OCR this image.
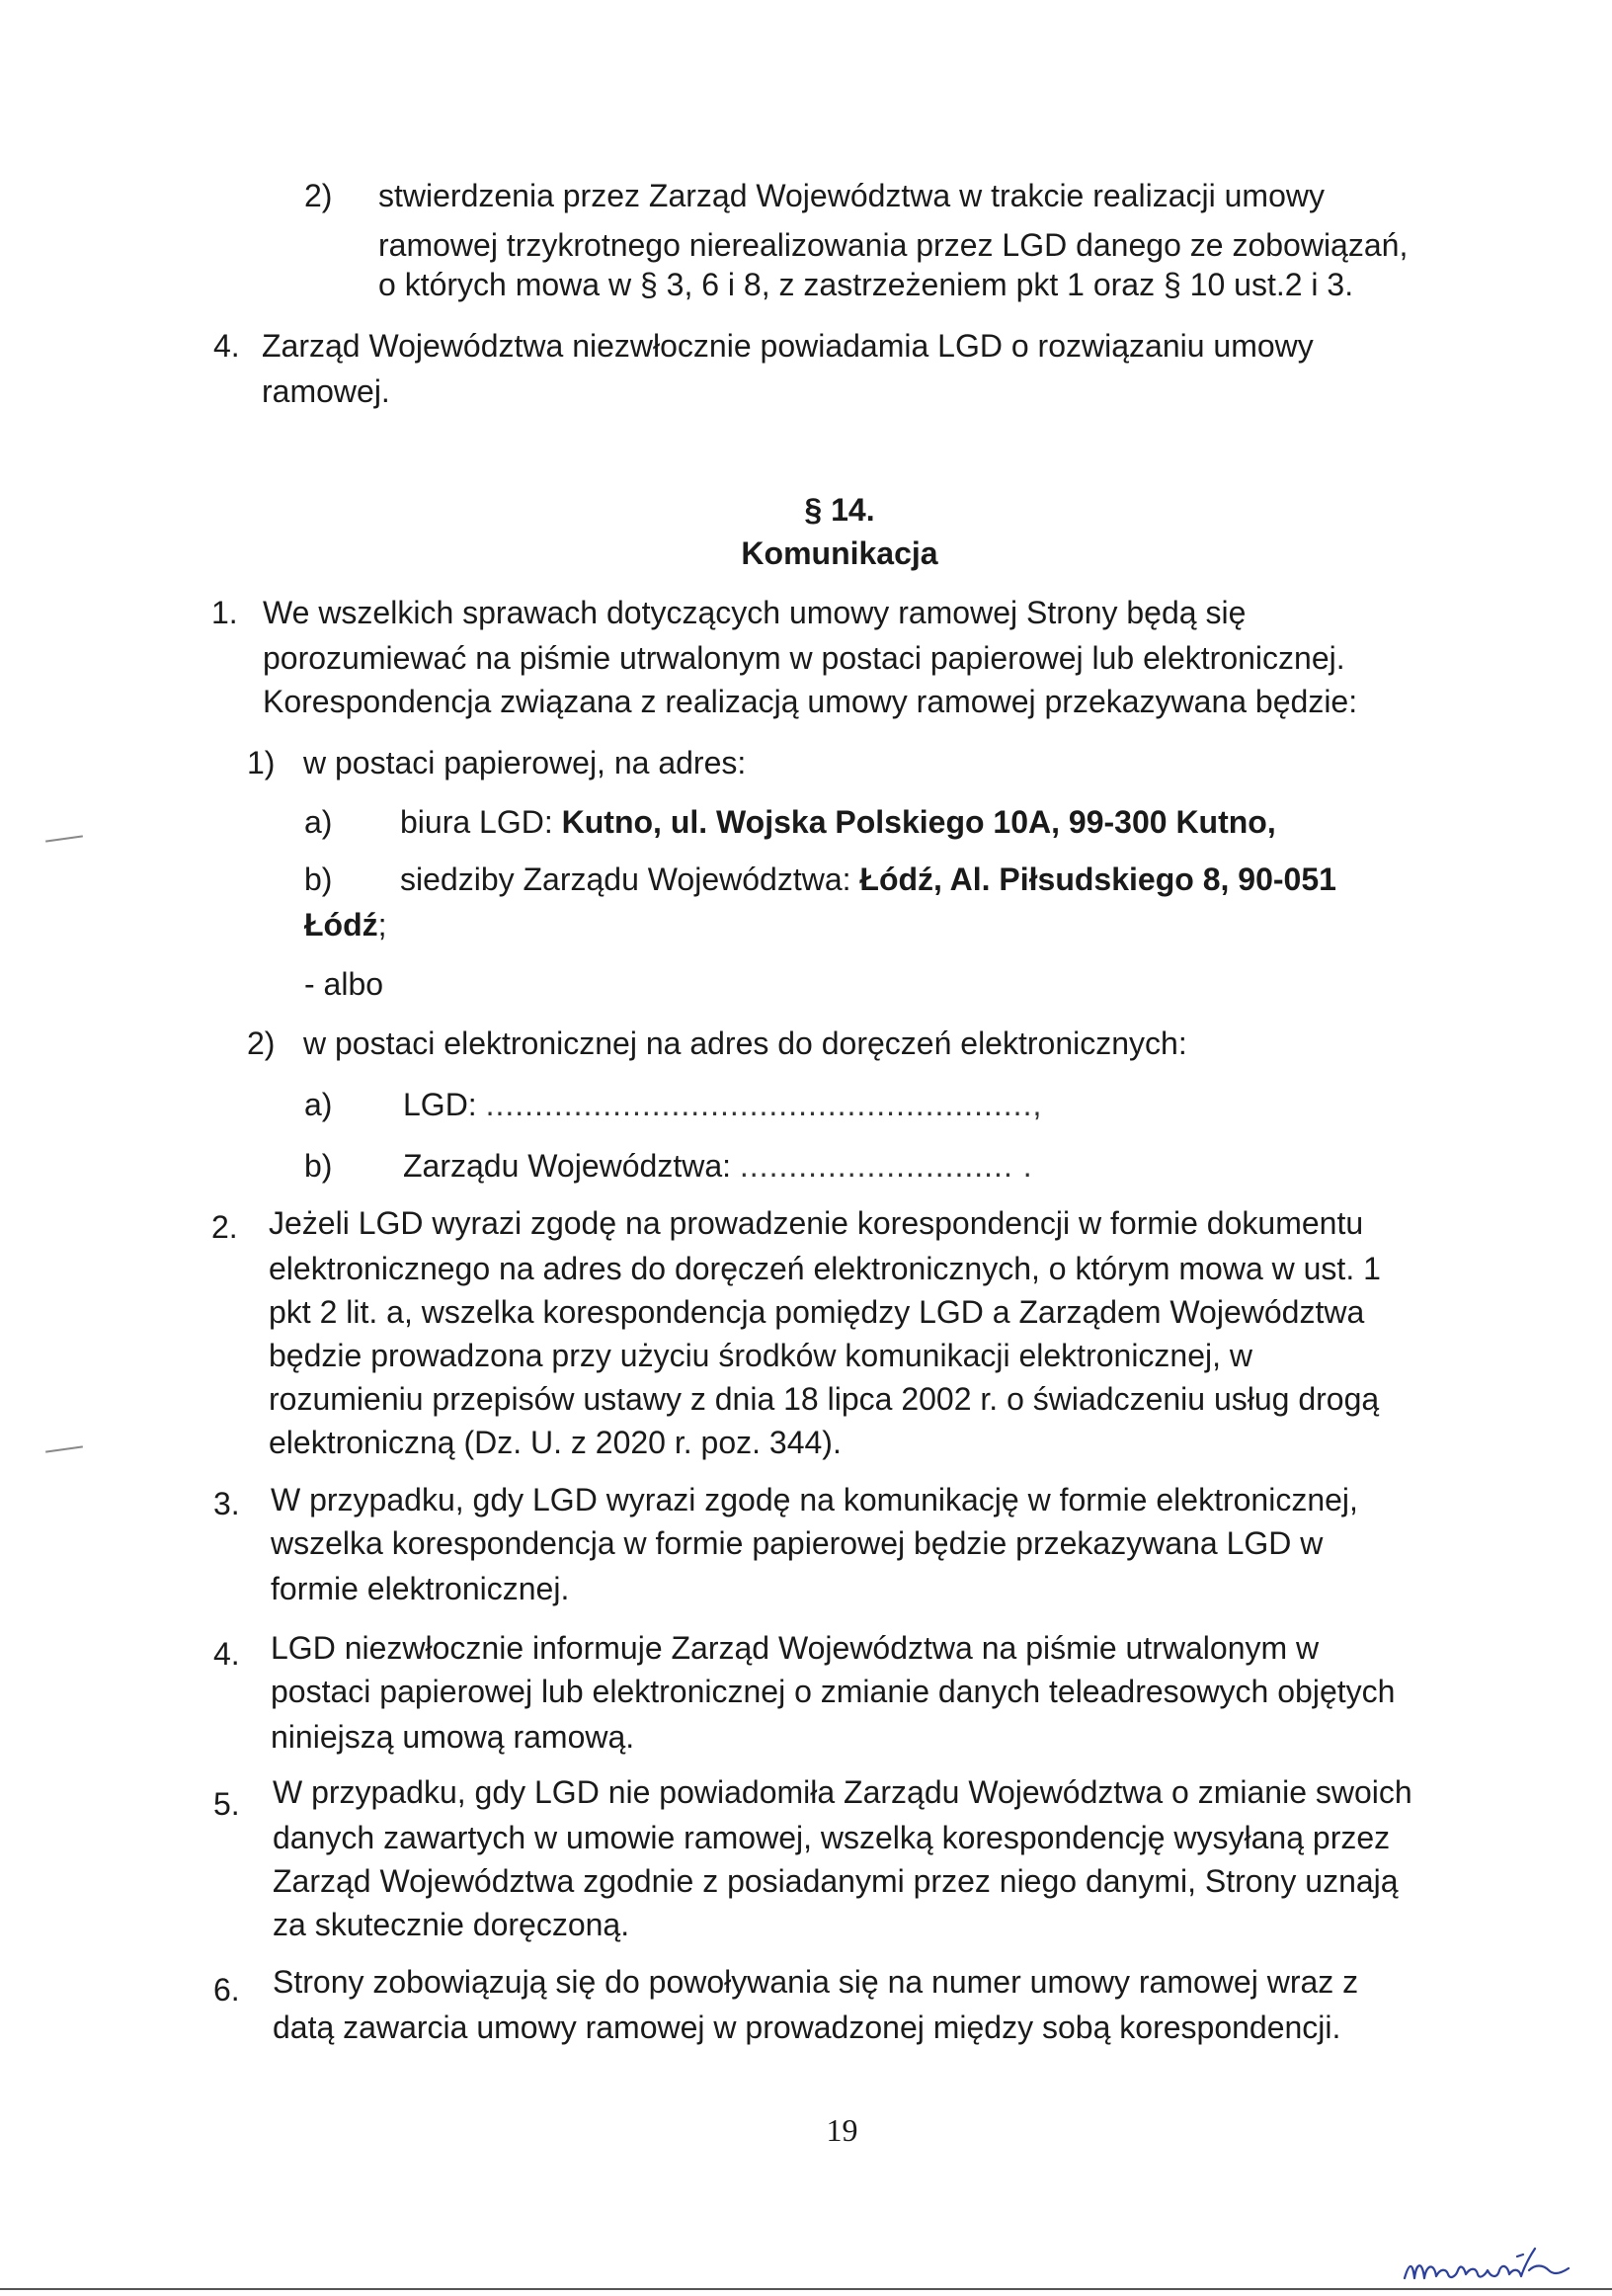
2) stwierdzenia przez Zarząd Województwa w trakcie realizacji umowy
ramowej trzykrotnego nierealizowania przez LGD danego ze zobowiązań,
o których mowa w § 3, 6 i 8, z zastrzeżeniem pkt 1 oraz § 10 ust.2 i 3.
4. Zarząd Województwa niezwłocznie powiadamia LGD o rozwiązaniu umowy
ramowej.
§ 14.
Komunikacja
1. We wszelkich sprawach dotyczących umowy ramowej Strony będą się
porozumiewać na piśmie utrwalonym w postaci papierowej lub elektronicznej.
Korespondencja związana z realizacją umowy ramowej przekazywana będzie:
1) w postaci papierowej, na adres:
a) biura LGD: Kutno, ul. Wojska Polskiego 10A, 99-300 Kutno,
b) siedziby Zarządu Województwa: Łódź, Al. Piłsudskiego 8, 90-051
Łódź;
- albo
2) w postaci elektronicznej na adres do doręczeń elektronicznych:
a) LGD: ........................................................,
b) Zarządu Województwa: ............................ .
2. Jeżeli LGD wyrazi zgodę na prowadzenie korespondencji w formie dokumentu
elektronicznego na adres do doręczeń elektronicznych, o którym mowa w ust. 1
pkt 2 lit. a, wszelka korespondencja pomiędzy LGD a Zarządem Województwa
będzie prowadzona przy użyciu środków komunikacji elektronicznej, w
rozumieniu przepisów ustawy z dnia 18 lipca 2002 r. o świadczeniu usług drogą
elektroniczną (Dz. U. z 2020 r. poz. 344).
3. W przypadku, gdy LGD wyrazi zgodę na komunikację w formie elektronicznej,
wszelka korespondencja w formie papierowej będzie przekazywana LGD w
formie elektronicznej.
4. LGD niezwłocznie informuje Zarząd Województwa na piśmie utrwalonym w
postaci papierowej lub elektronicznej o zmianie danych teleadresowych objętych
niniejszą umową ramową.
5. W przypadku, gdy LGD nie powiadomiła Zarządu Województwa o zmianie swoich
danych zawartych w umowie ramowej, wszelką korespondencję wysyłaną przez
Zarząd Województwa zgodnie z posiadanymi przez niego danymi, Strony uznają
za skutecznie doręczoną.
6. Strony zobowiązują się do powoływania się na numer umowy ramowej wraz z
datą zawarcia umowy ramowej w prowadzonej między sobą korespondencji.
19
